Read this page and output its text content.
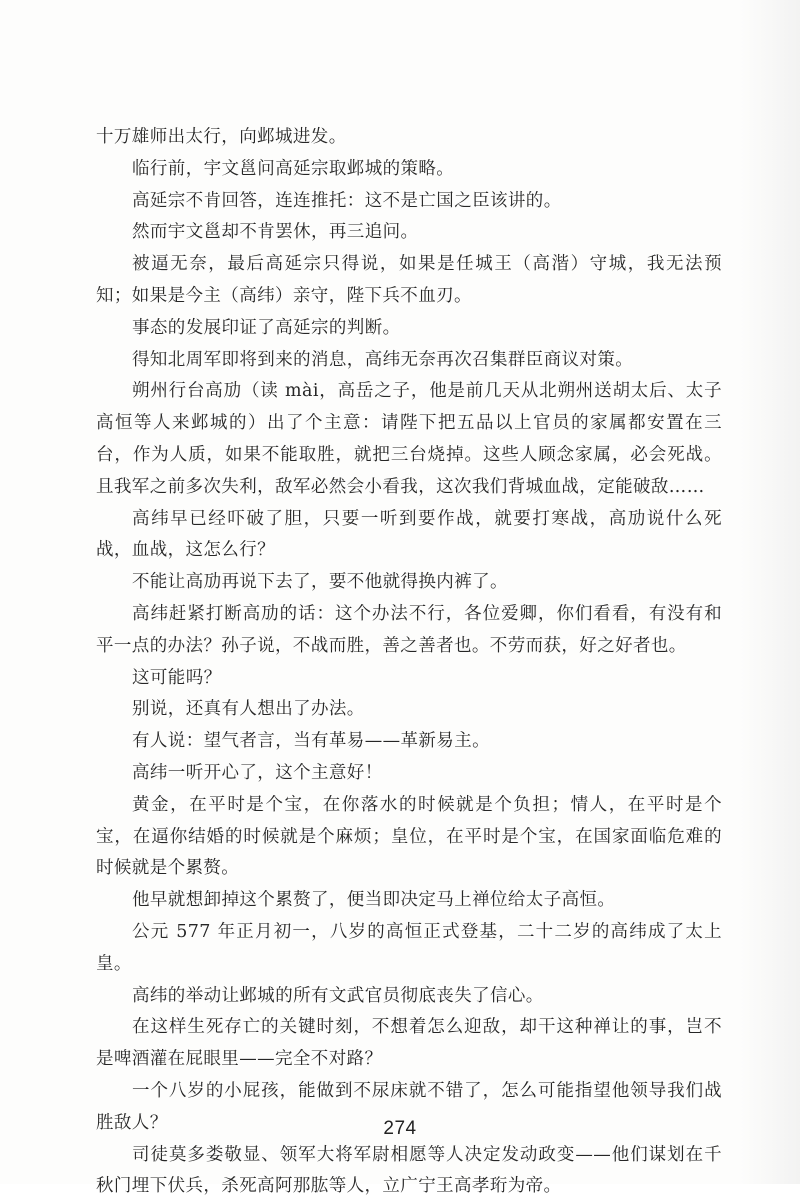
十万雄师出太行，向邺城进发。

临行前，宇文邕问高延宗取邺城的策略。

高延宗不肯回答，连连推托：这不是亡国之臣该讲的。

然而宇文邕却不肯罢休，再三追问。

被逼无奈，最后高延宗只得说，如果是任城王（高湝）守城，我无法预知；如果是今主（高纬）亲守，陛下兵不血刃。

事态的发展印证了高延宗的判断。

得知北周军即将到来的消息，高纬无奈再次召集群臣商议对策。

朔州行台高劢（读 mài，高岳之子，他是前几天从北朔州送胡太后、太子高恒等人来邺城的）出了个主意：请陛下把五品以上官员的家属都安置在三台，作为人质，如果不能取胜，就把三台烧掉。这些人顾念家属，必会死战。且我军之前多次失利，敌军必然会小看我，这次我们背城血战，定能破敌……

高纬早已经吓破了胆，只要一听到要作战，就要打寒战，高劢说什么死战，血战，这怎么行？

不能让高劢再说下去了，要不他就得换内裤了。

高纬赶紧打断高劢的话：这个办法不行，各位爱卿，你们看看，有没有和平一点的办法？孙子说，不战而胜，善之善者也。不劳而获，好之好者也。

这可能吗？

别说，还真有人想出了办法。

有人说：望气者言，当有革易——革新易主。

高纬一听开心了，这个主意好！

黄金，在平时是个宝，在你落水的时候就是个负担；情人，在平时是个宝，在逼你结婚的时候就是个麻烦；皇位，在平时是个宝，在国家面临危难的时候就是个累赘。

他早就想卸掉这个累赘了，便当即决定马上禅位给太子高恒。

公元 577 年正月初一，八岁的高恒正式登基，二十二岁的高纬成了太上皇。

高纬的举动让邺城的所有文武官员彻底丧失了信心。

在这样生死存亡的关键时刻，不想着怎么迎敌，却干这种禅让的事，岂不是啤酒灌在屁眼里——完全不对路？

一个八岁的小屁孩，能做到不尿床就不错了，怎么可能指望他领导我们战胜敌人？

司徒莫多娄敬显、领军大将军尉相愿等人决定发动政变——他们谋划在千秋门埋下伏兵，杀死高阿那肱等人，立广宁王高孝珩为帝。

274
